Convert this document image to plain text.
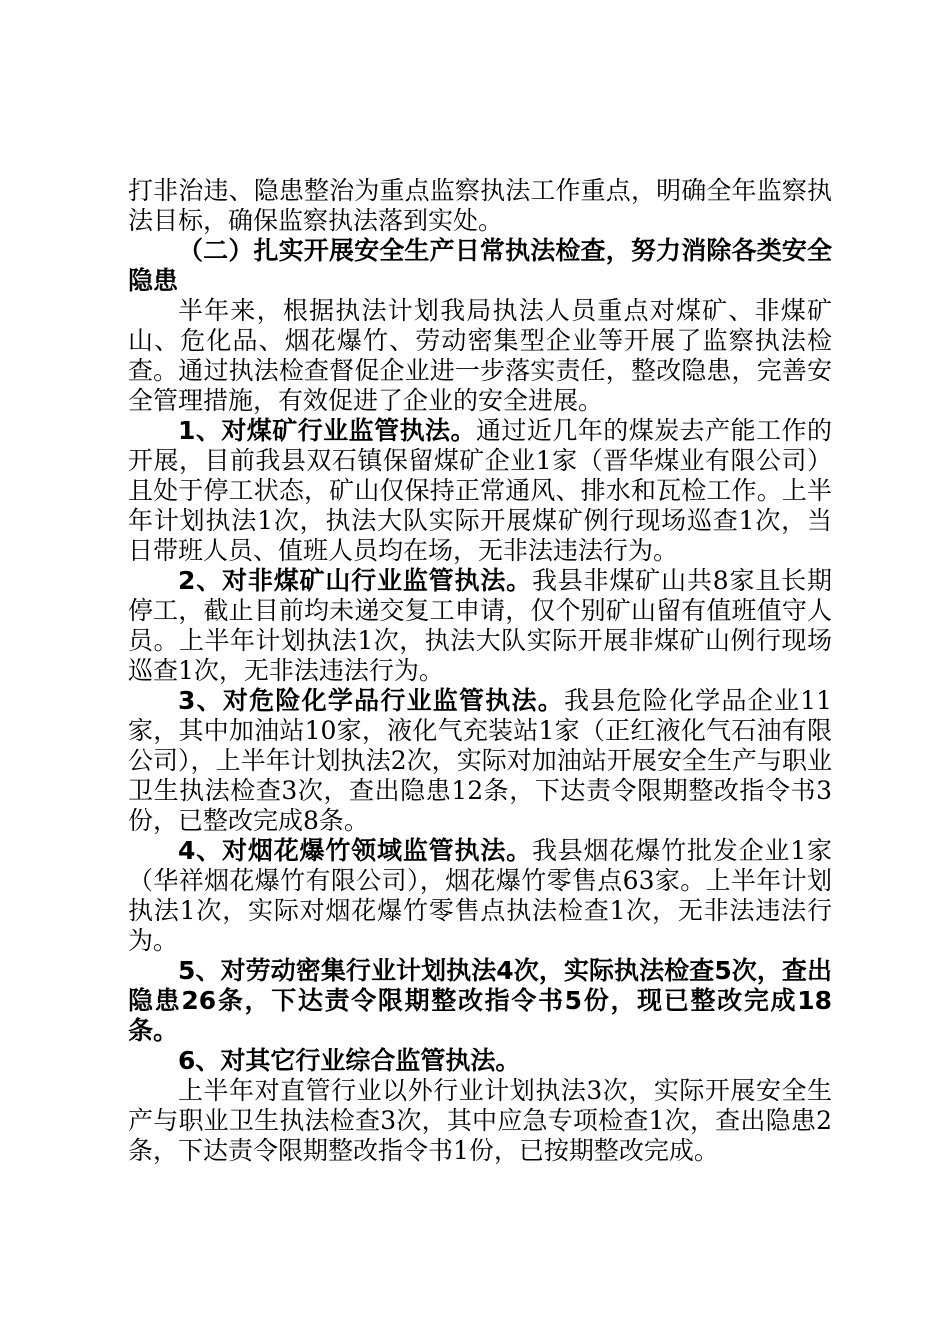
打非治违、隐患整治为重点监察执法工作重点，明确全年监察执法目标，确保监察执法落到实处。

（二）扎实开展安全生产日常执法检查，努力消除各类安全隐患

半年来，根据执法计划我局执法人员重点对煤矿、非煤矿山、危化品、烟花爆竹、劳动密集型企业等开展了监察执法检查。通过执法检查督促企业进一步落实责任，整改隐患，完善安全管理措施，有效促进了企业的安全进展。

1、对煤矿行业监管执法。通过近几年的煤炭去产能工作的开展，目前我县双石镇保留煤矿企业1家（晋华煤业有限公司）且处于停工状态，矿山仅保持正常通风、排水和瓦检工作。上半年计划执法1次，执法大队实际开展煤矿例行现场巡查1次，当日带班人员、值班人员均在场，无非法违法行为。

2、对非煤矿山行业监管执法。我县非煤矿山共8家且长期停工，截止目前均未递交复工申请，仅个别矿山留有值班值守人员。上半年计划执法1次，执法大队实际开展非煤矿山例行现场巡查1次，无非法违法行为。

3、对危险化学品行业监管执法。我县危险化学品企业11家，其中加油站10家，液化气充装站1家（正红液化气石油有限公司），上半年计划执法2次，实际对加油站开展安全生产与职业卫生执法检查3次，查出隐患12条，下达责令限期整改指令书3份，已整改完成8条。

4、对烟花爆竹领域监管执法。我县烟花爆竹批发企业1家（华祥烟花爆竹有限公司），烟花爆竹零售点63家。上半年计划执法1次，实际对烟花爆竹零售点执法检查1次，无非法违法行为。

5、对劳动密集行业计划执法4次，实际执法检查5次，查出隐患26条，下达责令限期整改指令书5份，现已整改完成18条。

6、对其它行业综合监管执法。

上半年对直管行业以外行业计划执法3次，实际开展安全生产与职业卫生执法检查3次，其中应急专项检查1次，查出隐患2条，下达责令限期整改指令书1份，已按期整改完成。
